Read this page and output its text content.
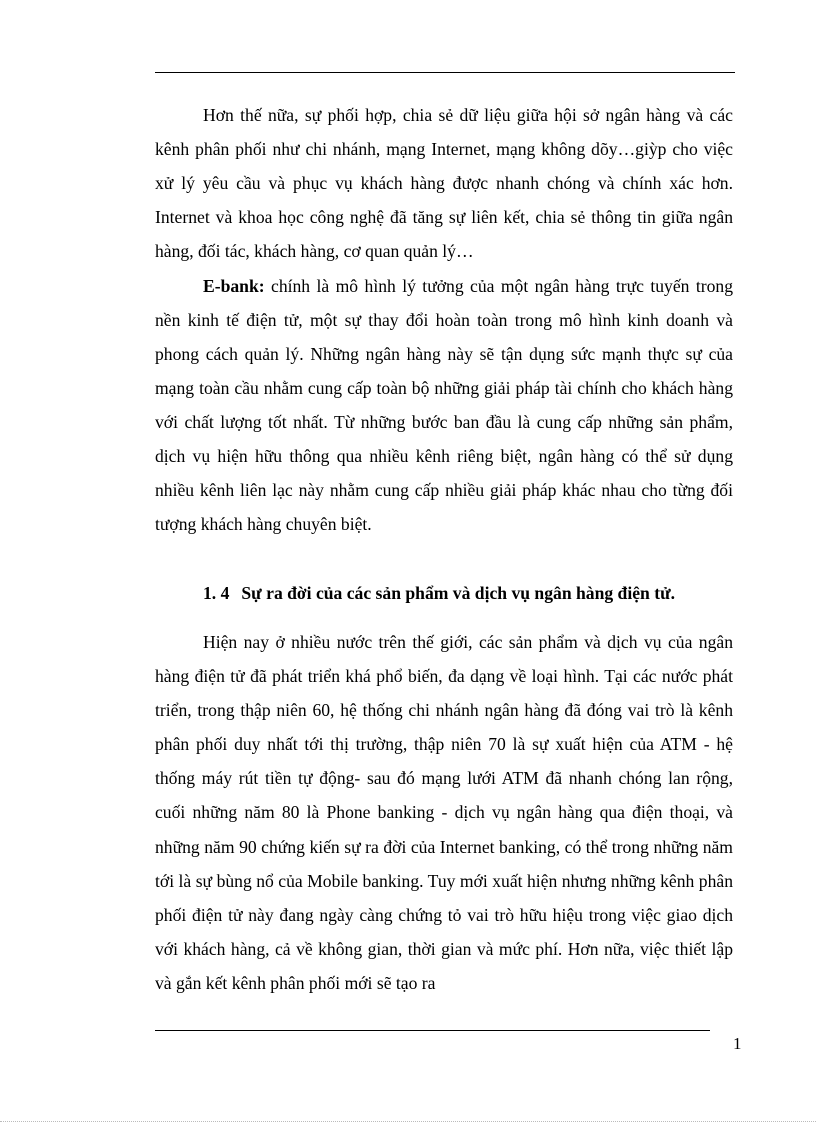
Hơn thế nữa, sự phối hợp, chia sẻ dữ liệu giữa hội sở ngân hàng và các kênh phân phối như chi nhánh, mạng Internet, mạng không dõy…giỳp cho việc xử lý yêu cầu và phục vụ khách hàng được nhanh chóng và chính xác hơn. Internet và khoa học công nghệ đã tăng sự liên kết, chia sẻ thông tin giữa ngân hàng, đối tác, khách hàng, cơ quan quản lý…

E-bank: chính là mô hình lý tưởng của một ngân hàng trực tuyến trong nền kinh tế điện tử, một sự thay đổi hoàn toàn trong mô hình kinh doanh và phong cách quản lý. Những ngân hàng này sẽ tận dụng sức mạnh thực sự của mạng toàn cầu nhằm cung cấp toàn bộ những giải pháp tài chính cho khách hàng với chất lượng tốt nhất. Từ những bước ban đầu là cung cấp những sản phẩm, dịch vụ hiện hữu thông qua nhiều kênh riêng biệt, ngân hàng có thể sử dụng nhiều kênh liên lạc này nhằm cung cấp nhiều giải pháp khác nhau cho từng đối tượng khách hàng chuyên biệt.

1. 4 Sự ra đời của các sản phẩm và dịch vụ ngân hàng điện tử.

Hiện nay ở nhiều nước trên thế giới, các sản phẩm và dịch vụ của ngân hàng điện tử đã phát triển khá phổ biến, đa dạng về loại hình. Tại các nước phát triển, trong thập niên 60, hệ thống chi nhánh ngân hàng đã đóng vai trò là kênh phân phối duy nhất tới thị trường, thập niên 70 là sự xuất hiện của ATM - hệ thống máy rút tiền tự động- sau đó mạng lưới ATM đã nhanh chóng lan rộng, cuối những năm 80 là Phone banking - dịch vụ ngân hàng qua điện thoại, và những năm 90 chứng kiến sự ra đời của Internet banking, có thể trong những năm tới là sự bùng nổ của Mobile banking. Tuy mới xuất hiện nhưng những kênh phân phối điện tử này đang ngày càng chứng tỏ vai trò hữu hiệu trong việc giao dịch với khách hàng, cả về không gian, thời gian và mức phí. Hơn nữa, việc thiết lập và gắn kết kênh phân phối mới sẽ tạo ra

1
